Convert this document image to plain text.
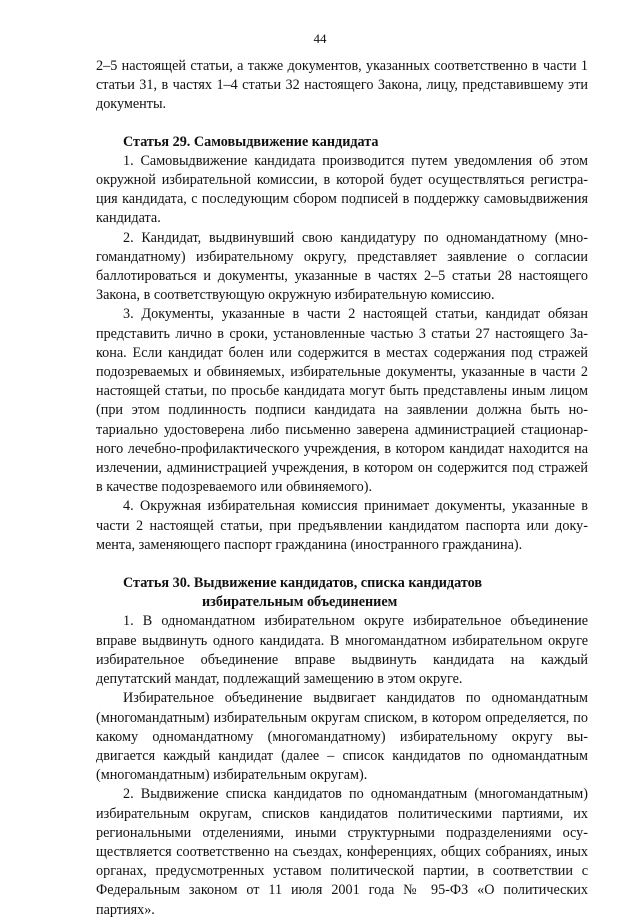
44

2–5 настоящей статьи, а также документов, указанных соответственно в части 1 статьи 31, в частях 1–4 статьи 32 настоящего Закона, лицу, представившему эти документы.

Статья 29. Самовыдвижение кандидата

1. Самовыдвижение кандидата производится путем уведомления об этом окружной избирательной комиссии, в которой будет осуществляться регистрация кандидата, с последующим сбором подписей в поддержку самовыдвижения кандидата.

2. Кандидат, выдвинувший свою кандидатуру по одномандатному (многомандатному) избирательному округу, представляет заявление о согласии баллотироваться и документы, указанные в частях 2–5 статьи 28 настоящего Закона, в соответствующую окружную избирательную комиссию.

3. Документы, указанные в части 2 настоящей статьи, кандидат обязан представить лично в сроки, установленные частью 3 статьи 27 настоящего Закона. Если кандидат болен или содержится в местах содержания под стражей подозреваемых и обвиняемых, избирательные документы, указанные в части 2 настоящей статьи, по просьбе кандидата могут быть представлены иным лицом (при этом подлинность подписи кандидата на заявлении должна быть нотариально удостоверена либо письменно заверена администрацией стационарного лечебно-профилактического учреждения, в котором кандидат находится на излечении, администрацией учреждения, в котором он содержится под стражей в качестве подозреваемого или обвиняемого).

4. Окружная избирательная комиссия принимает документы, указанные в части 2 настоящей статьи, при предъявлении кандидатом паспорта или документа, заменяющего паспорт гражданина (иностранного гражданина).

Статья 30. Выдвижение кандидатов, списка кандидатов
избирательным объединением

1. В одномандатном избирательном округе избирательное объединение вправе выдвинуть одного кандидата. В многомандатном избирательном округе избирательное объединение вправе выдвинуть кандидата на каждый депутатский мандат, подлежащий замещению в этом округе.

Избирательное объединение выдвигает кандидатов по одномандатным (многомандатным) избирательным округам списком, в котором определяется, по какому одномандатному (многомандатному) избирательному округу выдвигается каждый кандидат (далее – список кандидатов по одномандатным (многомандатным) избирательным округам).

2. Выдвижение списка кандидатов по одномандатным (многомандатным) избирательным округам, списков кандидатов политическими партиями, их региональными отделениями, иными структурными подразделениями осуществляется соответственно на съездах, конференциях, общих собраниях, иных органах, предусмотренных уставом политической партии, в соответствии с Федеральным законом от 11 июля 2001 года № 95-ФЗ «О политических партиях».
